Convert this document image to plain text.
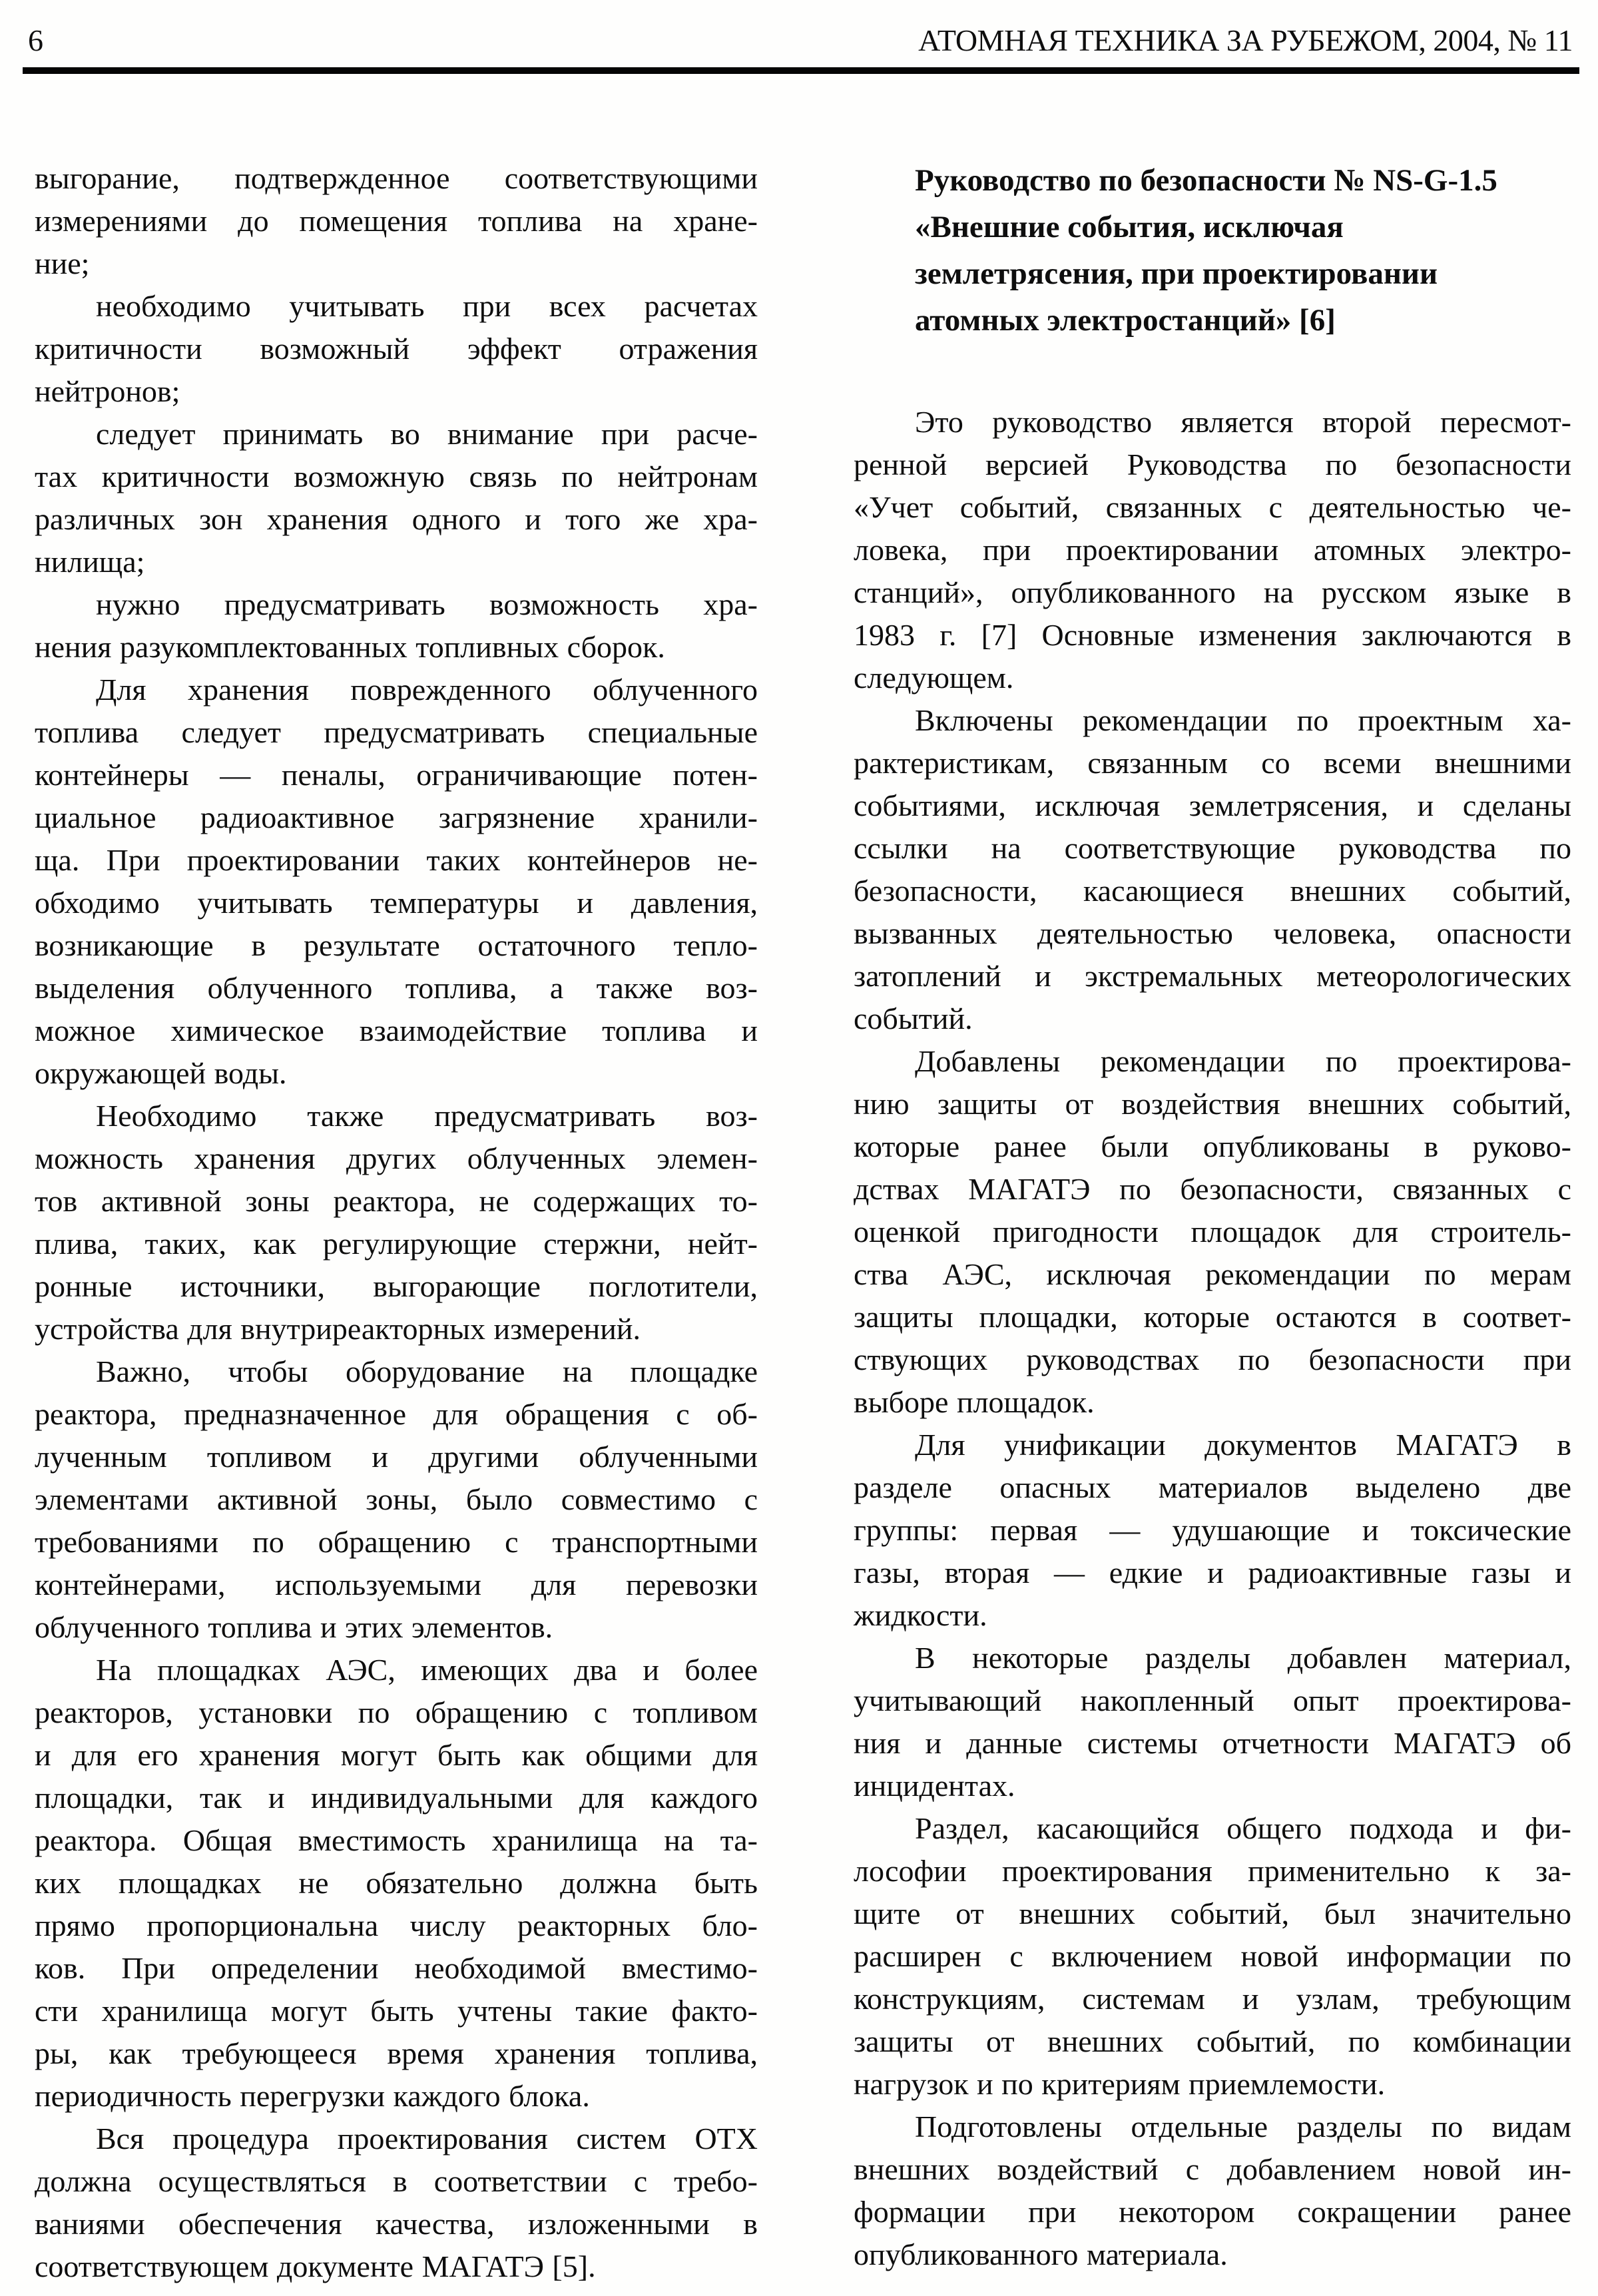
6	АТОМНАЯ ТЕХНИКА ЗА РУБЕЖОМ, 2004, № 11
выгорание, подтвержденное соответствующими
измерениями до помещения топлива на хране-
ние;
необходимо учитывать при всех расчетах
критичности возможный эффект отражения
нейтронов;
следует принимать во внимание при расче-
тах критичности возможную связь по нейтронам
различных зон хранения одного и того же хра-
нилища;
нужно предусматривать возможность хра-
нения разукомплектованных топливных сборок.
Для хранения поврежденного облученного
топлива следует предусматривать специальные
контейнеры — пеналы, ограничивающие потен-
циальное радиоактивное загрязнение хранили-
ща. При проектировании таких контейнеров не-
обходимо учитывать температуры и давления,
возникающие в результате остаточного тепло-
выделения облученного топлива, а также воз-
можное химическое взаимодействие топлива и
окружающей воды.
Необходимо также предусматривать воз-
можность хранения других облученных элемен-
тов активной зоны реактора, не содержащих то-
плива, таких, как регулирующие стержни, нейт-
ронные источники, выгорающие поглотители,
устройства для внутриреакторных измерений.
Важно, чтобы оборудование на площадке
реактора, предназначенное для обращения с об-
лученным топливом и другими облученными
элементами активной зоны, было совместимо с
требованиями по обращению с транспортными
контейнерами, используемыми для перевозки
облученного топлива и этих элементов.
На площадках АЭС, имеющих два и более
реакторов, установки по обращению с топливом
и для его хранения могут быть как общими для
площадки, так и индивидуальными для каждого
реактора. Общая вместимость хранилища на та-
ких площадках не обязательно должна быть
прямо пропорциональна числу реакторных бло-
ков. При определении необходимой вместимо-
сти хранилища могут быть учтены такие факто-
ры, как требующееся время хранения топлива,
периодичность перегрузки каждого блока.
Вся процедура проектирования систем ОТХ
должна осуществляться в соответствии с требо-
ваниями обеспечения качества, изложенными в
соответствующем документе МАГАТЭ [5].
Руководство по безопасности № NS-G-1.5
«Внешние события, исключая
землетрясения, при проектировании
атомных электростанций» [6]
Это руководство является второй пересмот-
ренной версией Руководства по безопасности
«Учет событий, связанных с деятельностью че-
ловека, при проектировании атомных электро-
станций», опубликованного на русском языке в
1983 г. [7] Основные изменения заключаются в
следующем.
Включены рекомендации по проектным ха-
рактеристикам, связанным со всеми внешними
событиями, исключая землетрясения, и сделаны
ссылки на соответствующие руководства по
безопасности, касающиеся внешних событий,
вызванных деятельностью человека, опасности
затоплений и экстремальных метеорологических
событий.
Добавлены рекомендации по проектирова-
нию защиты от воздействия внешних событий,
которые ранее были опубликованы в руково-
дствах МАГАТЭ по безопасности, связанных с
оценкой пригодности площадок для строитель-
ства АЭС, исключая рекомендации по мерам
защиты площадки, которые остаются в соответ-
ствующих руководствах по безопасности при
выборе площадок.
Для унификации документов МАГАТЭ в
разделе опасных материалов выделено две
группы: первая — удушающие и токсические
газы, вторая — едкие и радиоактивные газы и
жидкости.
В некоторые разделы добавлен материал,
учитывающий накопленный опыт проектирова-
ния и данные системы отчетности МАГАТЭ об
инцидентах.
Раздел, касающийся общего подхода и фи-
лософии проектирования применительно к за-
щите от внешних событий, был значительно
расширен с включением новой информации по
конструкциям, системам и узлам, требующим
защиты от внешних событий, по комбинации
нагрузок и по критериям приемлемости.
Подготовлены отдельные разделы по видам
внешних воздействий с добавлением новой ин-
формации при некотором сокращении ранее
опубликованного материала.
